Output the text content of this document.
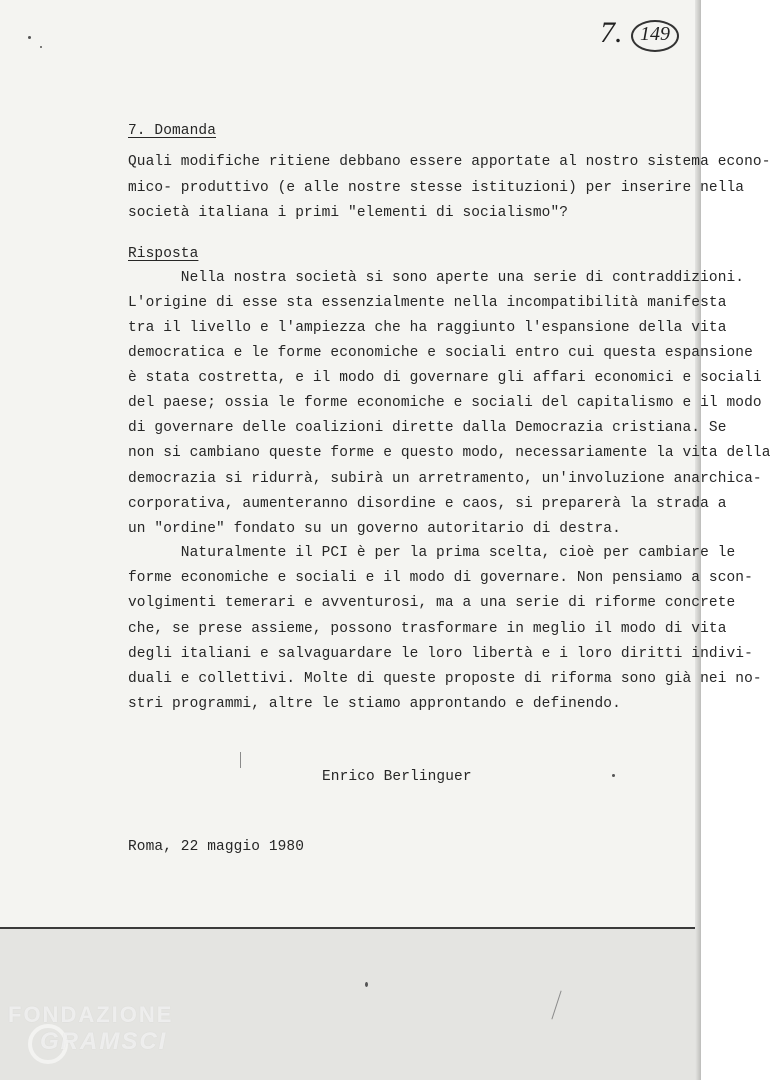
7. 149
7. Domanda
Quali modifiche ritiene debbano essere apportate al nostro sistema econo-
mico- produttivo (e alle nostre stesse istituzioni) per inserire nella
società italiana i primi "elementi di socialismo"?
Risposta
Nella nostra società si sono aperte una serie di contraddizioni.
L'origine di esse sta essenzialmente nella incompatibilità manifesta
tra il livello e l'ampiezza che ha raggiunto l'espansione della vita
democratica e le forme economiche e sociali entro cui questa espansione
è stata costretta, e il modo di governare gli affari economici e sociali
del paese; ossia le forme economiche e sociali del capitalismo e il modo
di governare delle coalizioni dirette dalla Democrazia cristiana. Se
non si cambiano queste forme e questo modo, necessariamente la vita della
democrazia si ridurrà, subirà un arretramento, un'involuzione anarchica-
corporativa, aumenteranno disordine e caos, si preparerà la strada a
un "ordine" fondato su un governo autoritario di destra.
Naturalmente il PCI è per la prima scelta, cioè per cambiare le
forme economiche e sociali e il modo di governare. Non pensiamo a scon-
volgimenti temerari e avventurosi, ma a una serie di riforme concrete
che, se prese assieme, possono trasformare in meglio il modo di vita
degli italiani e salvaguardare le loro libertà e i loro diritti indivi-
duali e collettivi. Molte di queste proposte di riforma sono già nei no-
stri programmi, altre le stiamo approntando e definendo.
Enrico Berlinguer
Roma, 22 maggio 1980
FONDAZIONE
GRAMSCI
